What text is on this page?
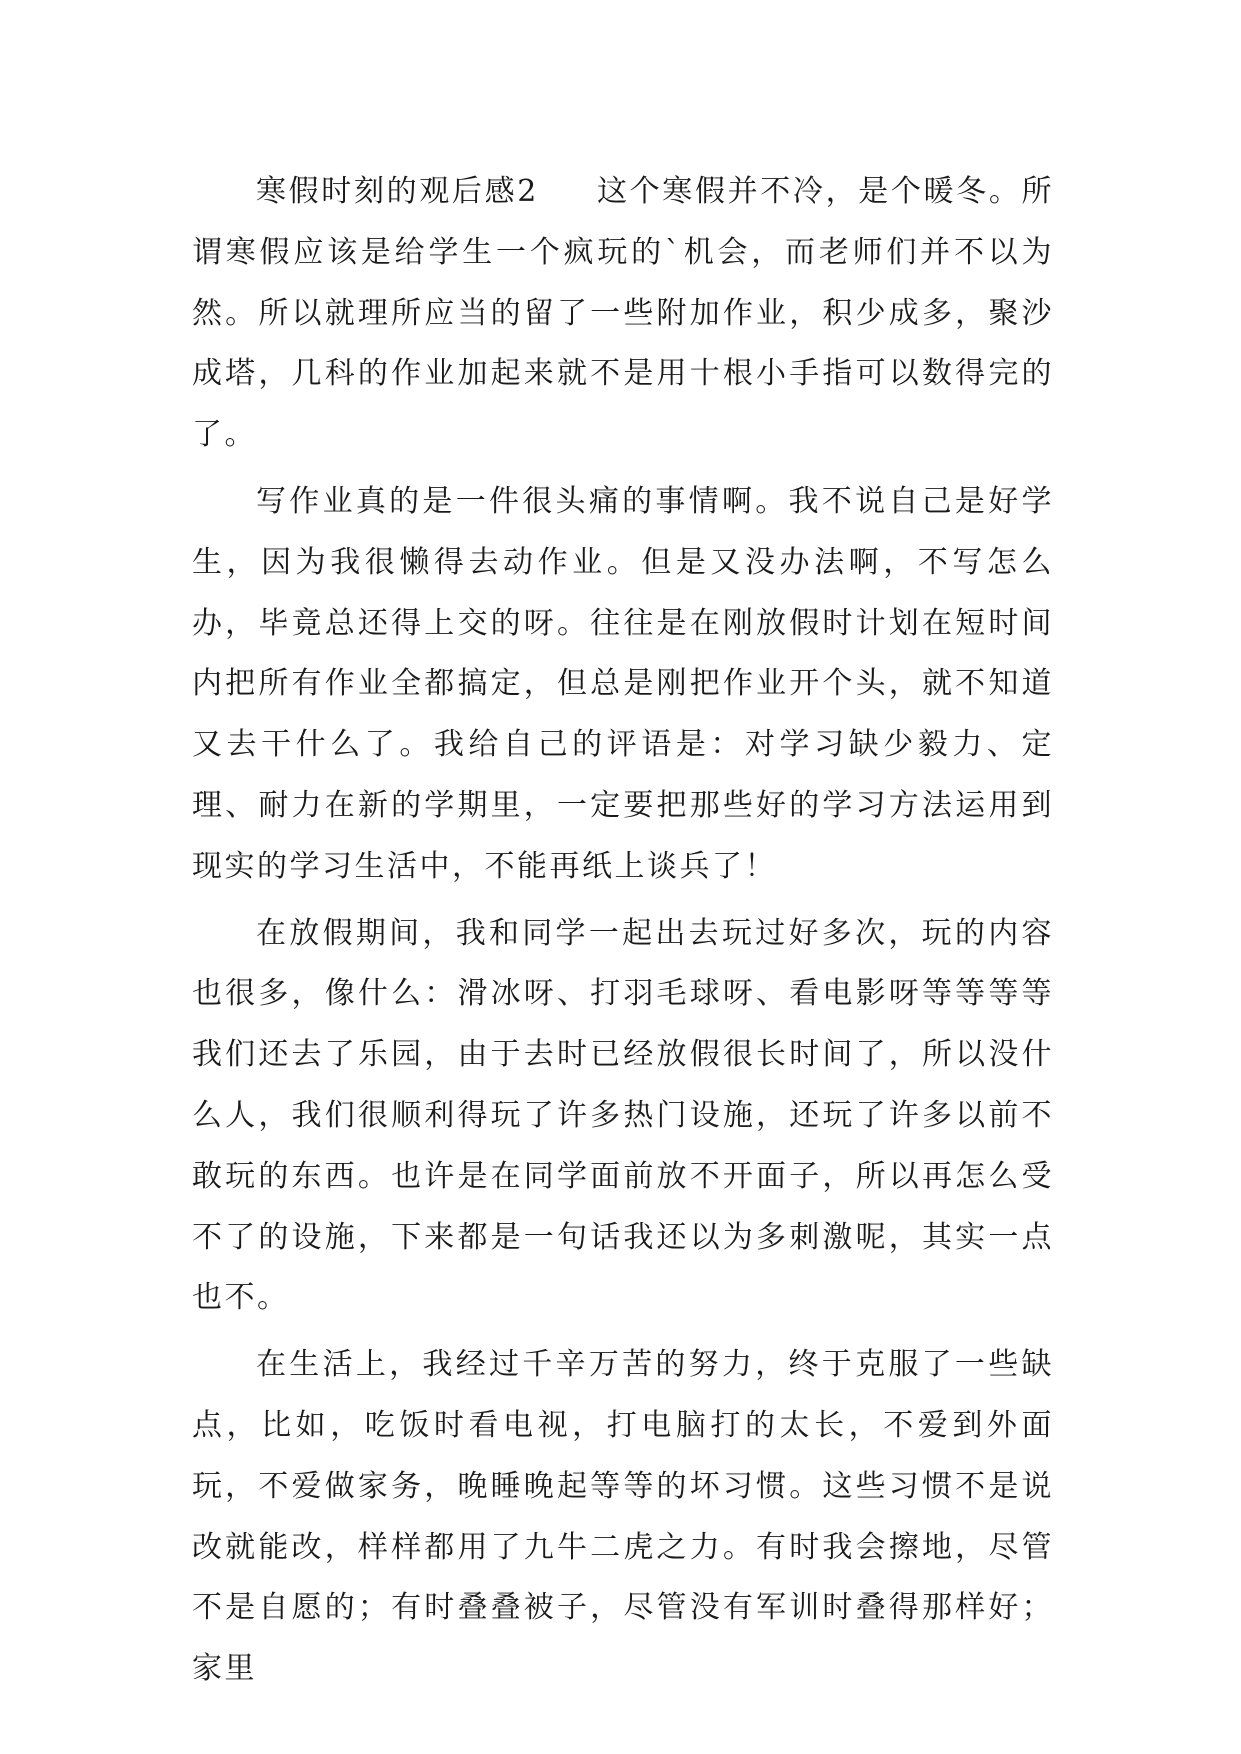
寒假时刻的观后感2 这个寒假并不冷，是个暖冬。所谓寒假应该是给学生一个疯玩的`机会，而老师们并不以为然。所以就理所应当的留了一些附加作业，积少成多，聚沙成塔，几科的作业加起来就不是用十根小手指可以数得完的了。

写作业真的是一件很头痛的事情啊。我不说自己是好学生，因为我很懒得去动作业。但是又没办法啊，不写怎么办，毕竟总还得上交的呀。往往是在刚放假时计划在短时间内把所有作业全都搞定，但总是刚把作业开个头，就不知道又去干什么了。我给自己的评语是：对学习缺少毅力、定理、耐力在新的学期里，一定要把那些好的学习方法运用到现实的学习生活中，不能再纸上谈兵了！

在放假期间，我和同学一起出去玩过好多次，玩的内容也很多，像什么：滑冰呀、打羽毛球呀、看电影呀等等等等我们还去了乐园，由于去时已经放假很长时间了，所以没什么人，我们很顺利得玩了许多热门设施，还玩了许多以前不敢玩的东西。也许是在同学面前放不开面子，所以再怎么受不了的设施，下来都是一句话我还以为多刺激呢，其实一点也不。

在生活上，我经过千辛万苦的努力，终于克服了一些缺点，比如，吃饭时看电视，打电脑打的太长，不爱到外面玩，不爱做家务，晚睡晚起等等的坏习惯。这些习惯不是说改就能改，样样都用了九牛二虎之力。有时我会擦地，尽管不是自愿的；有时叠叠被子，尽管没有军训时叠得那样好；家里
